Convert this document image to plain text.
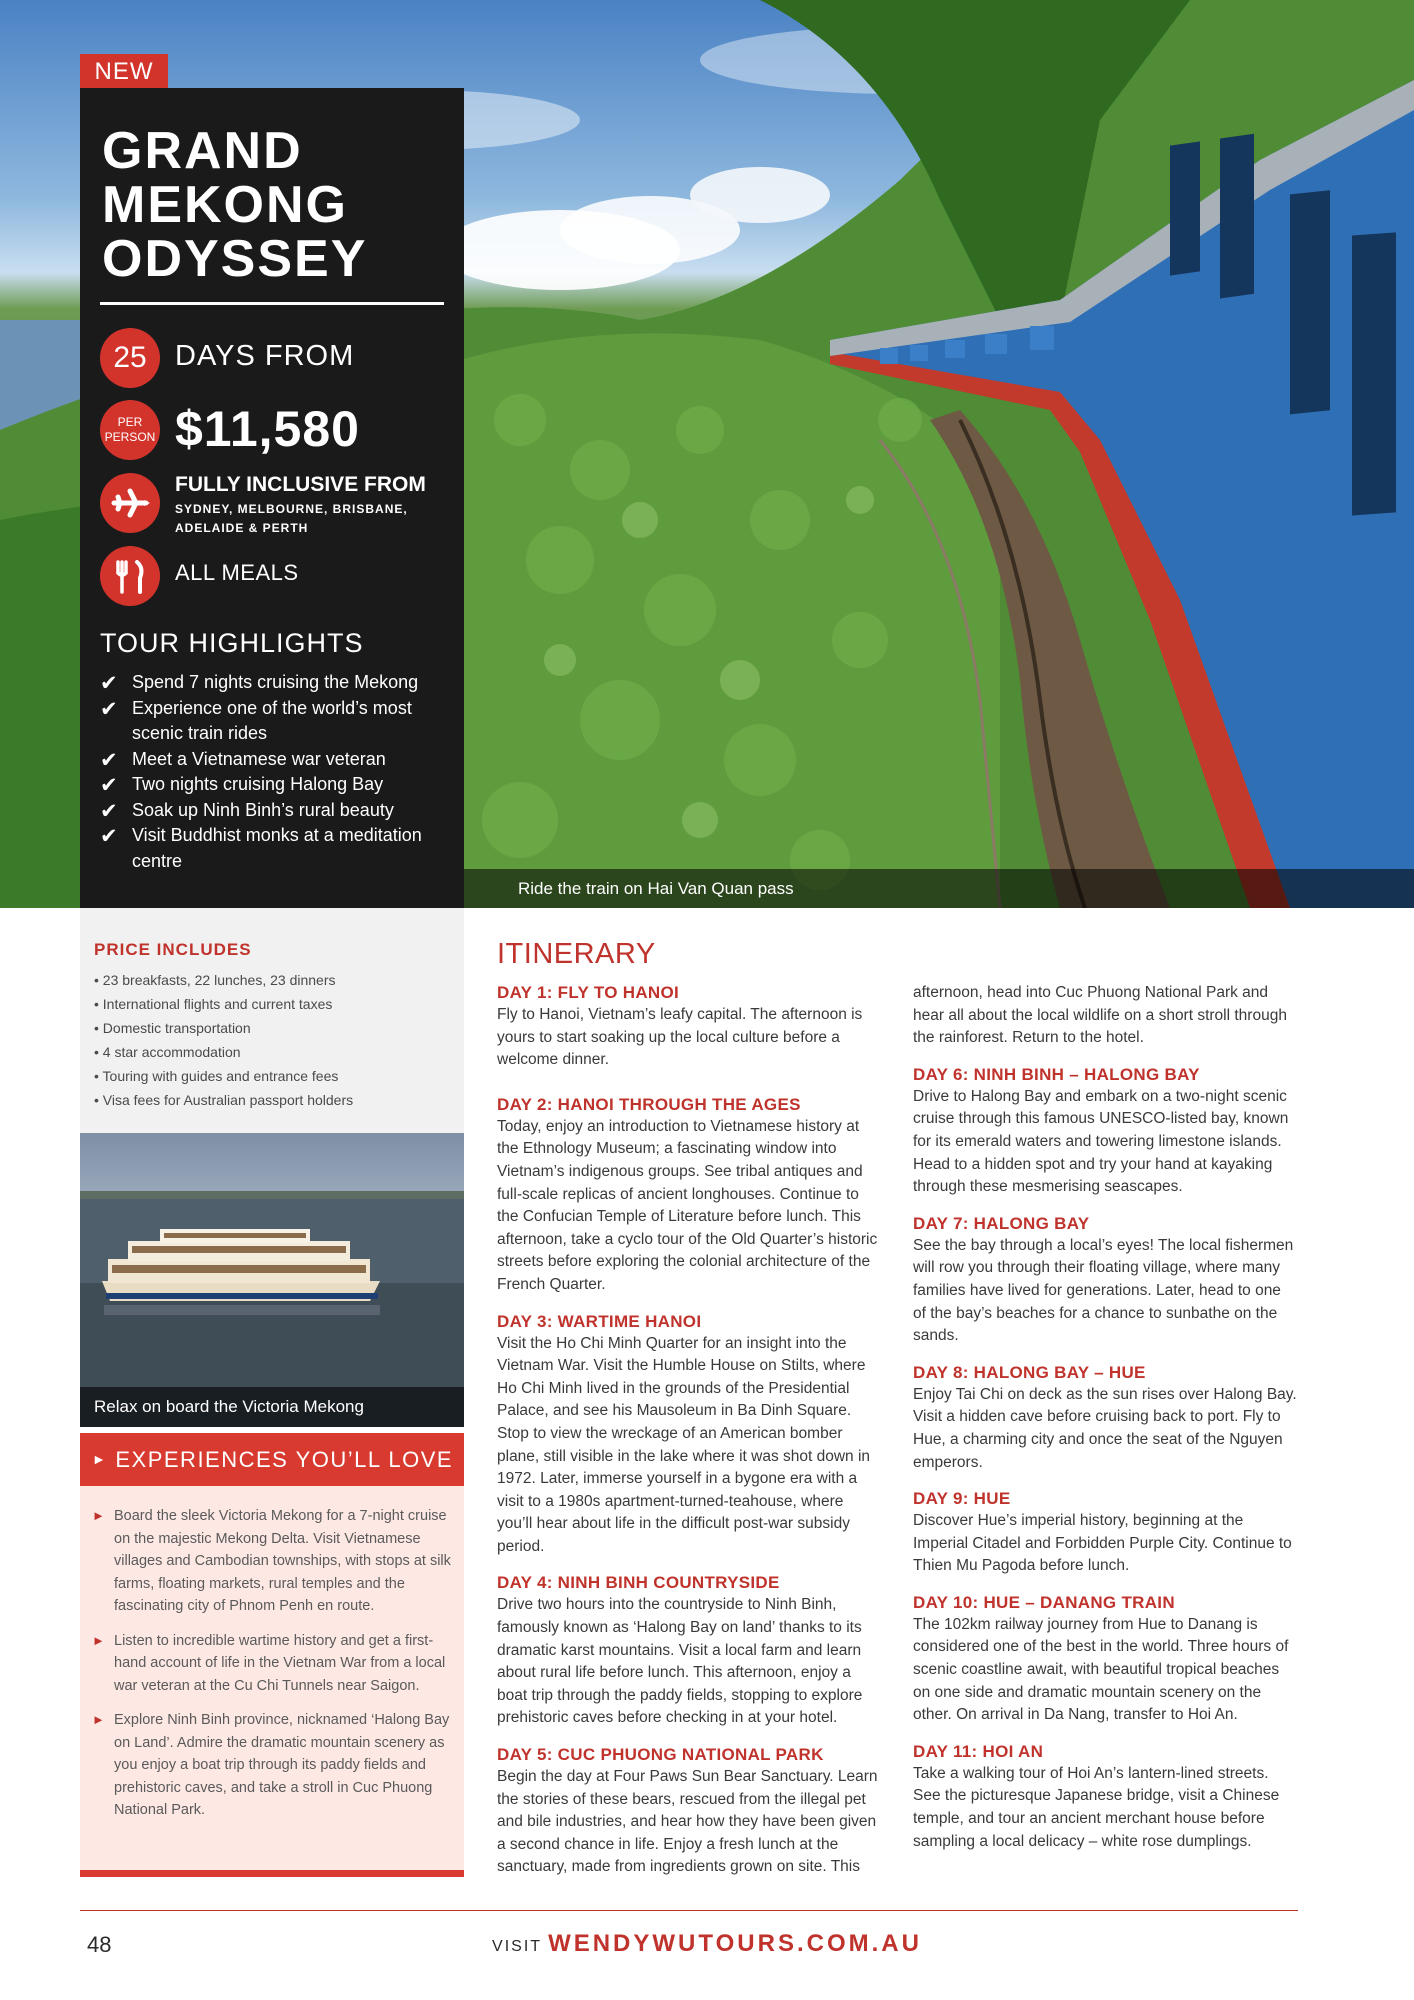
Ride the train on Hai Van Quan pass
NEW
GRAND
MEKONG
ODYSSEY
25 DAYS FROM
PER PERSON $11,580
FULLY INCLUSIVE FROM
SYDNEY, MELBOURNE, BRISBANE, ADELAIDE & PERTH
ALL MEALS
TOUR HIGHLIGHTS
✔ Spend 7 nights cruising the Mekong
✔ Experience one of the world’s most scenic train rides
✔ Meet a Vietnamese war veteran
✔ Two nights cruising Halong Bay
✔ Soak up Ninh Binh’s rural beauty
✔ Visit Buddhist monks at a meditation centre
PRICE INCLUDES
• 23 breakfasts, 22 lunches, 23 dinners
• International flights and current taxes
• Domestic transportation
• 4 star accommodation
• Touring with guides and entrance fees
• Visa fees for Australian passport holders
Relax on board the Victoria Mekong
► EXPERIENCES YOU’LL LOVE
► Board the sleek Victoria Mekong for a 7-night cruise on the majestic Mekong Delta. Visit Vietnamese villages and Cambodian townships, with stops at silk farms, floating markets, rural temples and the fascinating city of Phnom Penh en route.
► Listen to incredible wartime history and get a first-hand account of life in the Vietnam War from a local war veteran at the Cu Chi Tunnels near Saigon.
► Explore Ninh Binh province, nicknamed ‘Halong Bay on Land’. Admire the dramatic mountain scenery as you enjoy a boat trip through its paddy fields and prehistoric caves, and take a stroll in Cuc Phuong National Park.
ITINERARY
DAY 1: FLY TO HANOI

Fly to Hanoi, Vietnam’s leafy capital. The afternoon is yours to start soaking up the local culture before a welcome dinner.

DAY 2: HANOI THROUGH THE AGES

Today, enjoy an introduction to Vietnamese history at the Ethnology Museum; a fascinating window into Vietnam’s indigenous groups. See tribal antiques and full-scale replicas of ancient longhouses. Continue to the Confucian Temple of Literature before lunch. This afternoon, take a cyclo tour of the Old Quarter’s historic streets before exploring the colonial architecture of the French Quarter.

DAY 3: WARTIME HANOI

Visit the Ho Chi Minh Quarter for an insight into the Vietnam War. Visit the Humble House on Stilts, where Ho Chi Minh lived in the grounds of the Presidential Palace, and see his Mausoleum in Ba Dinh Square. Stop to view the wreckage of an American bomber plane, still visible in the lake where it was shot down in 1972. Later, immerse yourself in a bygone era with a visit to a 1980s apartment-turned-teahouse, where you’ll hear about life in the difficult post-war subsidy period.

DAY 4: NINH BINH COUNTRYSIDE

Drive two hours into the countryside to Ninh Binh, famously known as ‘Halong Bay on land’ thanks to its dramatic karst mountains. Visit a local farm and learn about rural life before lunch. This afternoon, enjoy a boat trip through the paddy fields, stopping to explore prehistoric caves before checking in at your hotel.

DAY 5: CUC PHUONG NATIONAL PARK

Begin the day at Four Paws Sun Bear Sanctuary. Learn the stories of these bears, rescued from the illegal pet and bile industries, and hear how they have been given a second chance in life. Enjoy a fresh lunch at the sanctuary, made from ingredients grown on site. This

afternoon, head into Cuc Phuong National Park and hear all about the local wildlife on a short stroll through the rainforest. Return to the hotel.

DAY 6: NINH BINH – HALONG BAY

Drive to Halong Bay and embark on a two-night scenic cruise through this famous UNESCO-listed bay, known for its emerald waters and towering limestone islands. Head to a hidden spot and try your hand at kayaking through these mesmerising seascapes.

DAY 7: HALONG BAY

See the bay through a local’s eyes! The local fishermen will row you through their floating village, where many families have lived for generations. Later, head to one of the bay’s beaches for a chance to sunbathe on the sands.

DAY 8: HALONG BAY – HUE

Enjoy Tai Chi on deck as the sun rises over Halong Bay. Visit a hidden cave before cruising back to port. Fly to Hue, a charming city and once the seat of the Nguyen emperors.

DAY 9: HUE

Discover Hue’s imperial history, beginning at the Imperial Citadel and Forbidden Purple City. Continue to Thien Mu Pagoda before lunch.

DAY 10: HUE – DANANG TRAIN

The 102km railway journey from Hue to Danang is considered one of the best in the world. Three hours of scenic coastline await, with beautiful tropical beaches on one side and dramatic mountain scenery on the other. On arrival in Da Nang, transfer to Hoi An.

DAY 11: HOI AN

Take a walking tour of Hoi An’s lantern-lined streets. See the picturesque Japanese bridge, visit a Chinese temple, and tour an ancient merchant house before sampling a local delicacy – white rose dumplings.

48	VISIT WENDYWUTOURS.COM.AU
